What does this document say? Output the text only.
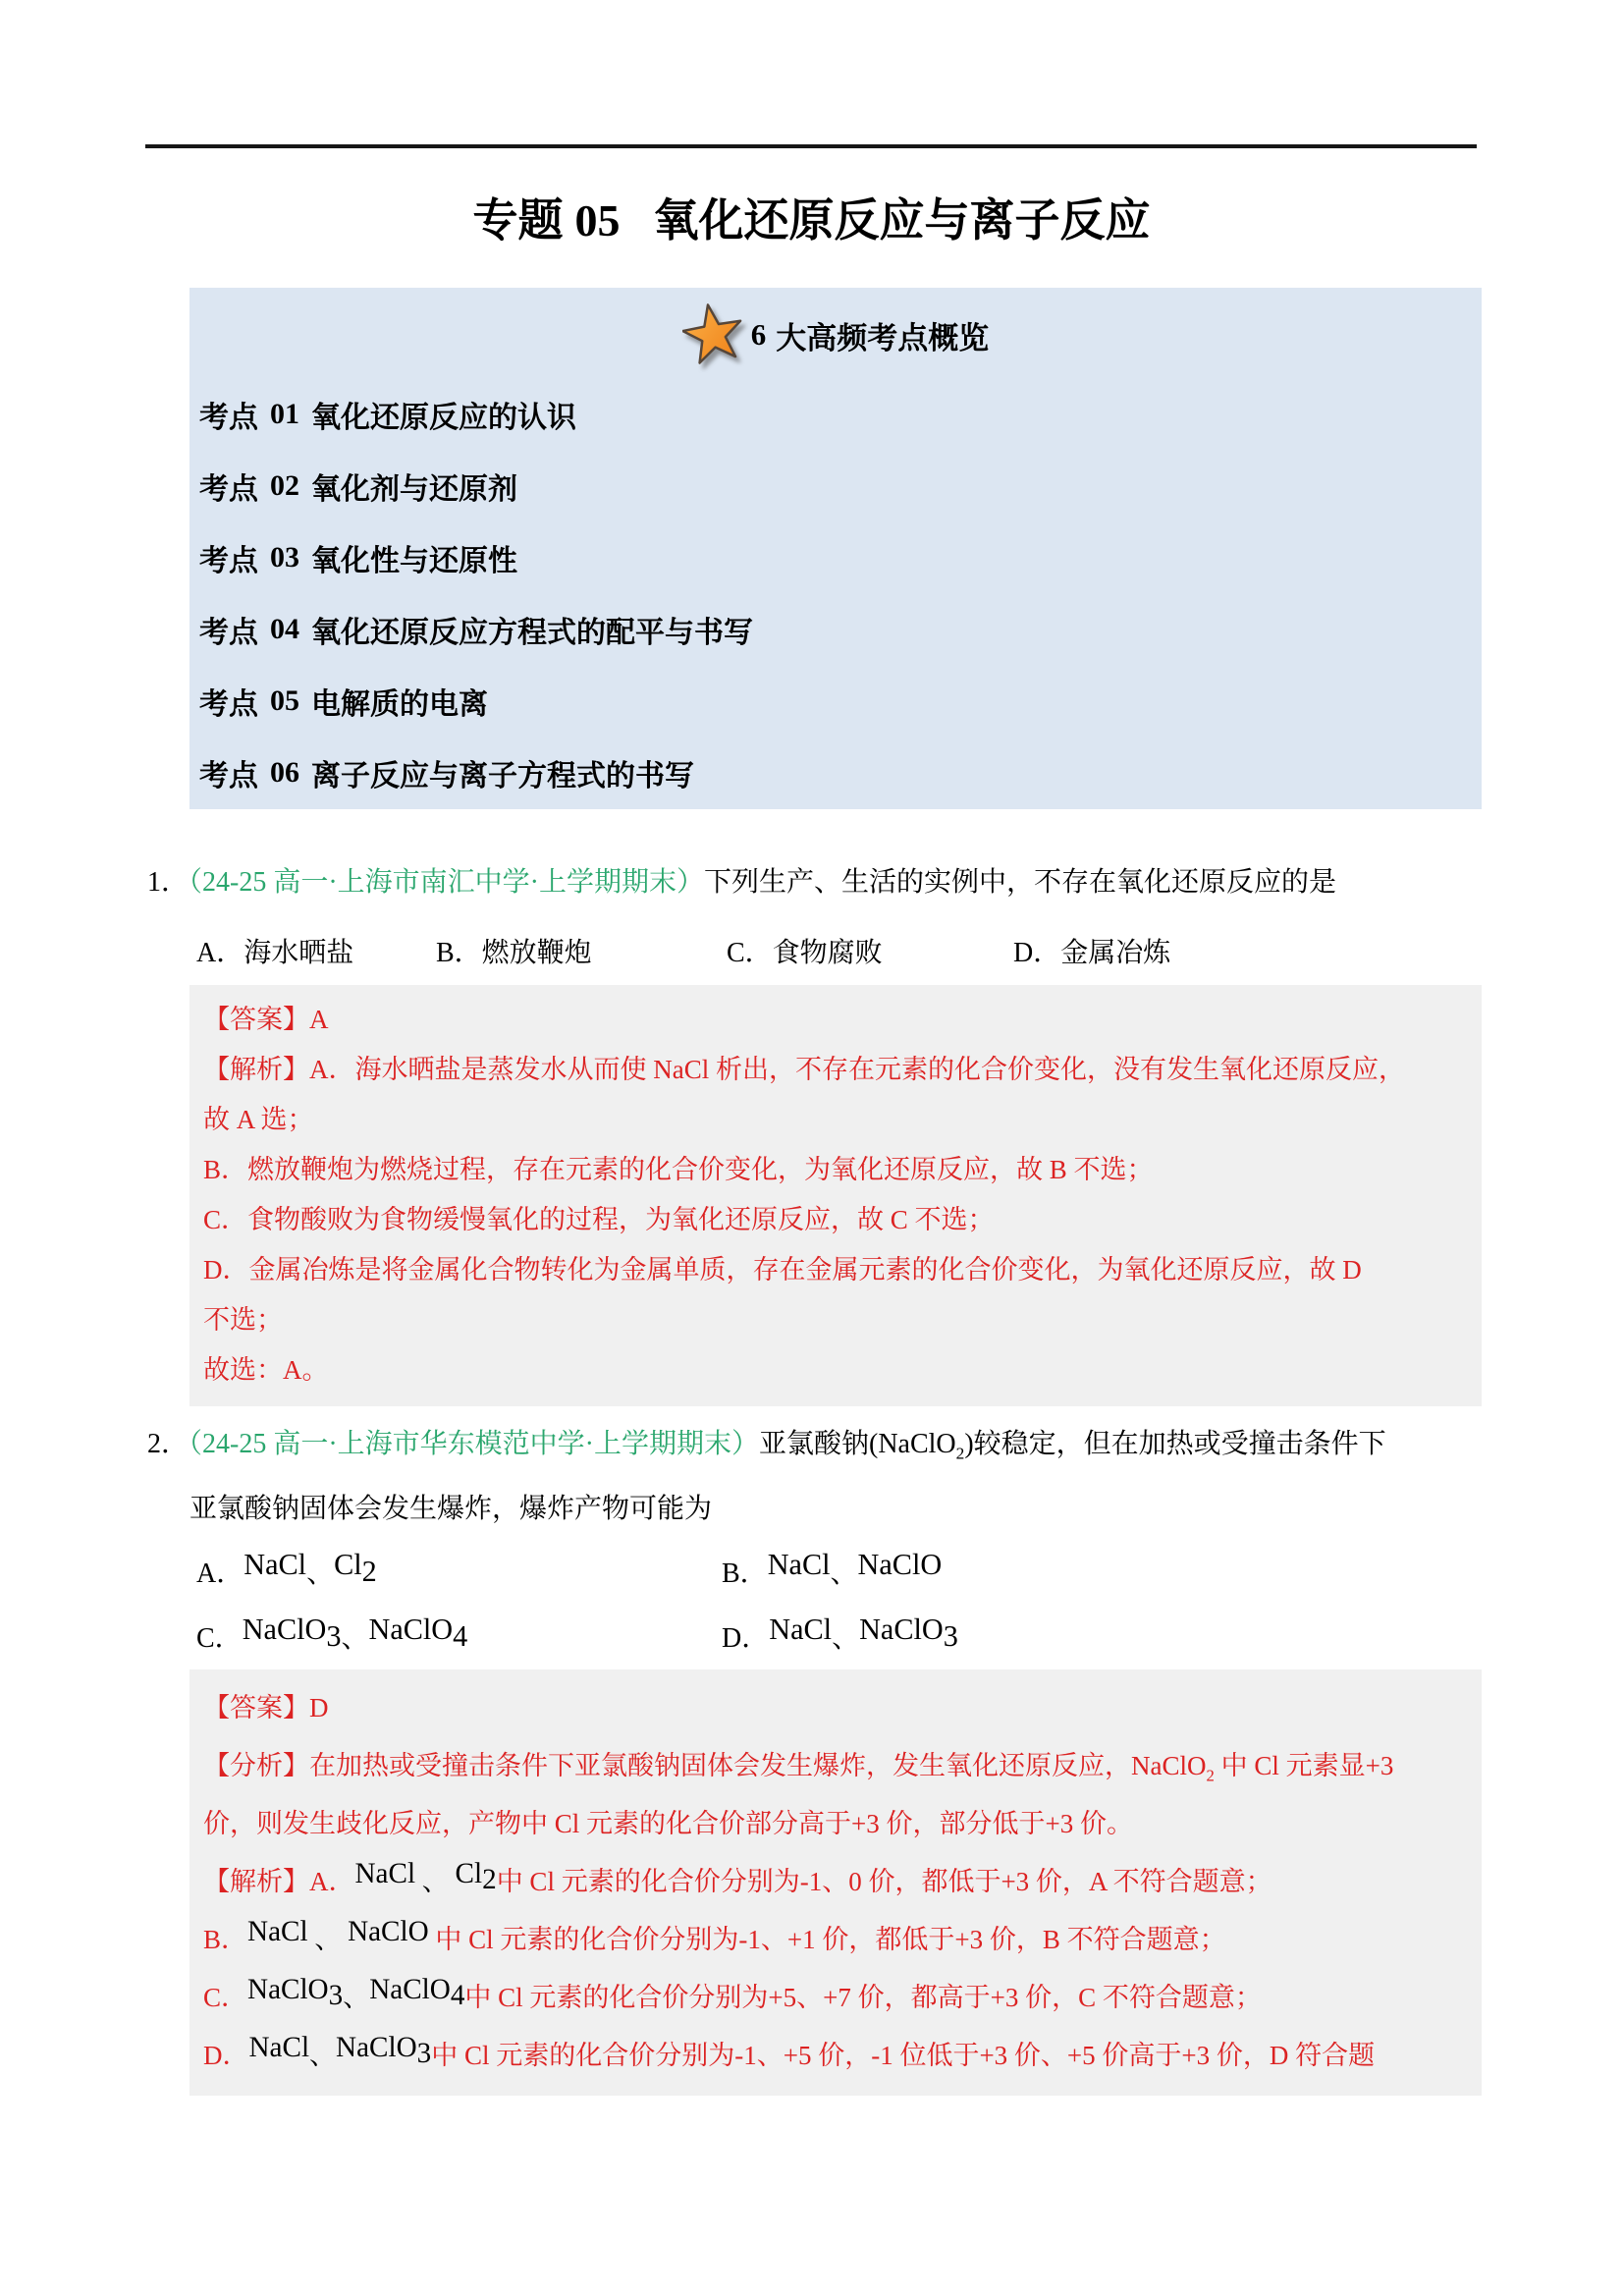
专题 05 氧化还原反应与离子反应
6 大高频考点概览
考点 01 氧化还原反应的认识
考点 02 氧化剂与还原剂
考点 03 氧化性与还原性
考点 04 氧化还原反应方程式的配平与书写
考点 05 电解质的电离
考点 06 离子反应与离子方程式的书写
1．（24-25 高一·上海市南汇中学·上学期期末）下列生产、生活的实例中，不存在氧化还原反应的是
A．海水晒盐	B．燃放鞭炮	C．食物腐败	D．金属冶炼
【答案】A
【解析】A．海水晒盐是蒸发水从而使 NaCl 析出，不存在元素的化合价变化，没有发生氧化还原反应，
故 A 选；
B．燃放鞭炮为燃烧过程，存在元素的化合价变化，为氧化还原反应，故 B 不选；
C．食物酸败为食物缓慢氧化的过程，为氧化还原反应，故 C 不选；
D．金属冶炼是将金属化合物转化为金属单质，存在金属元素的化合价变化，为氧化还原反应，故 D
不选；
故选：A。
2．（24-25 高一·上海市华东模范中学·上学期期末）亚氯酸钠(NaClO$_2$)较稳定，但在加热或受撞击条件下
亚氯酸钠固体会发生爆炸，爆炸产物可能为
A．NaCl、$Cl_2$	B．NaCl、NaClO
C．NaClO$_3$、NaClO$_4$	D．NaCl、NaClO$_3$
【答案】D
【分析】在加热或受撞击条件下亚氯酸钠固体会发生爆炸，发生氧化还原反应，NaClO$_2$ 中 Cl 元素显+3
价，则发生歧化反应，产物中 Cl 元素的化合价部分高于+3 价，部分低于+3 价。
【解析】A．NaCl 、 $Cl_2$中 Cl 元素的化合价分别为-1、0 价，都低于+3 价，A 不符合题意；
B．NaCl 、 NaClO 中 Cl 元素的化合价分别为-1、+1 价，都低于+3 价，B 不符合题意；
C．NaClO$_3$、NaClO$_4$中 Cl 元素的化合价分别为+5、+7 价，都高于+3 价，C 不符合题意；
D．NaCl、NaClO$_3$中 Cl 元素的化合价分别为-1、+5 价，-1 位低于+3 价、+5 价高于+3 价，D 符合题
